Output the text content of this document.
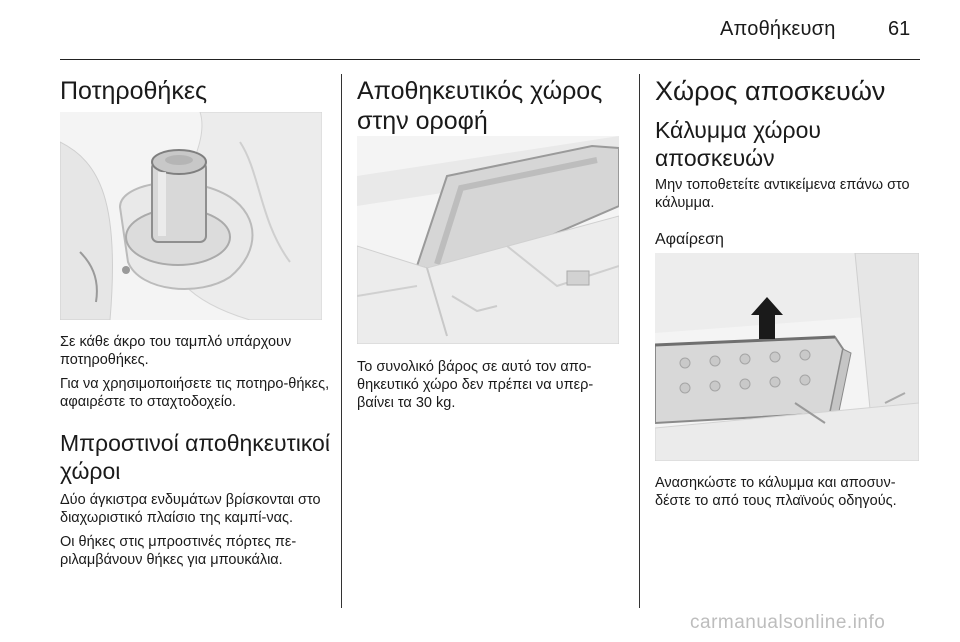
Αποθήκευση	61
Ποτηροθήκες

Σε κάθε άκρο του ταμπλό υπάρχουν ποτηροθήκες.

Για να χρησιμοποιήσετε τις ποτηρο-θήκες, αφαιρέστε το σταχτοδοχείο.

Μπροστινοί αποθηκευτικοί χώροι

Δύο άγκιστρα ενδυμάτων βρίσκονται στο διαχωριστικό πλαίσιο της καμπί-νας.

Οι θήκες στις μπροστινές πόρτες πε-ριλαμβάνουν θήκες για μπουκάλια.

Αποθηκευτικός χώρος στην οροφή

Το συνολικό βάρος σε αυτό τον απο-θηκευτικό χώρο δεν πρέπει να υπερ-βαίνει τα 30 kg.

Χώρος αποσκευών
Κάλυμμα χώρου αποσκευών

Μην τοποθετείτε αντικείμενα επάνω στο κάλυμμα.

Αφαίρεση

Ανασηκώστε το κάλυμμα και αποσυν-δέστε το από τους πλαϊνούς οδηγούς.

carmanualsonline.info
